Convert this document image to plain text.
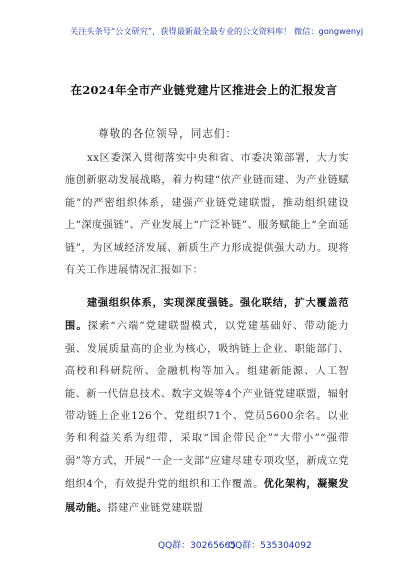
关注头条号“公文研究”，获得最新最全最专业的公文资料库！ 微信：gongwenyj
在2024年全市产业链党建片区推进会上的汇报发言
尊敬的各位领导，同志们：
xx区委深入贯彻落实中央和省、市委决策部署，大力实施创新驱动发展战略，着力构建“依产业链而建、为产业链赋能”的严密组织体系，建强产业链党建联盟，推动组织建设上“深度强链”、产业发展上“广泛补链”、服务赋能上“全面延链”，为区域经济发展、新质生产力形成提供强大动力。现将有关工作进展情况汇报如下：
建强组织体系，实现深度强链。强化联结，扩大覆盖范围。探索“六端”党建联盟模式，以党建基础好、带动能力强、发展质量高的企业为核心，吸纳链上企业、职能部门、高校和科研院所、金融机构等加入。组建新能源、人工智能、新一代信息技术、数字文娱等4个产业链党建联盟，辐射带动链上企业126个、党组织71个、党员5600余名。以业务和利益关系为纽带，采取“国企带民企”“大带小”“强带弱”等方式，开展“一企一支部”应建尽建专项攻坚，新成立党组织4个，有效提升党的组织和工作覆盖。优化架构，凝聚发展动能。搭建产业链党建联盟
QQ群：30265665
QQ群：535304092
